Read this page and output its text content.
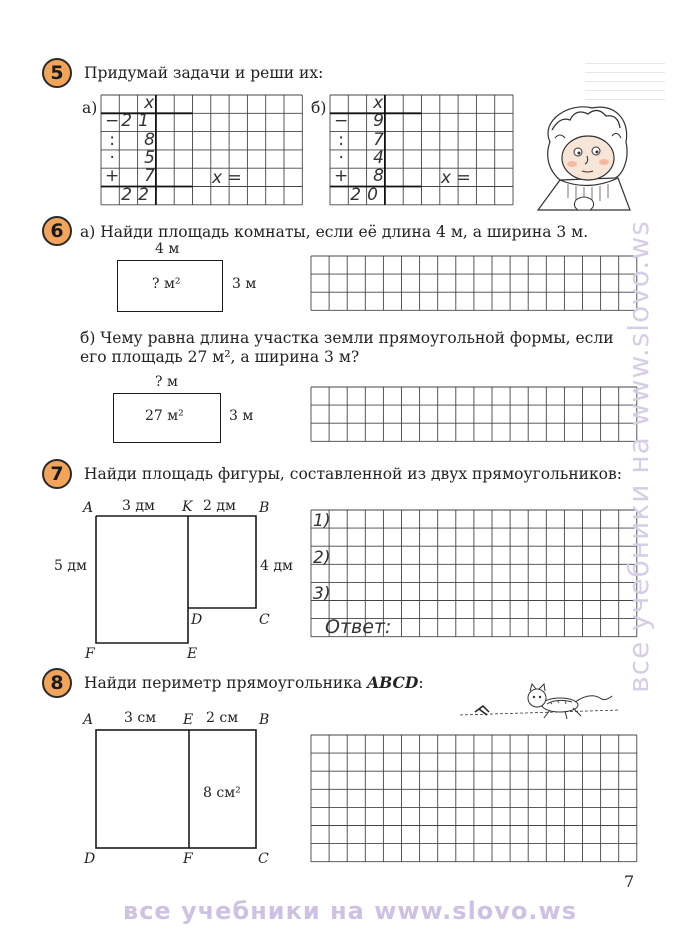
5 Придумай задачи и реши их:
а) x
− 21
: 8
· 5
+ 7
22
x =
б) x
− 9
: 7
· 4
+ 8
20
x =
6 а) Найди площадь комнаты, если её длина 4 м, а ширина 3 м.
4 м
? м²	3 м
б) Чему равна длина участка земли прямоугольной формы, если
его площадь 27 м², а ширина 3 м?
? м
27 м²	3 м
7 Найди площадь фигуры, составленной из двух прямоугольников:
A 3 дм K 2 дм B
5 дм	4 дм
D	C
F	E
1)
2)
3)
Ответ:
8 Найди периметр прямоугольника ABCD:
A 3 см E 2 см B
8 см²
D	F	C
7
все учебники на www.slovo.ws
все учебники на www.slovo.ws
